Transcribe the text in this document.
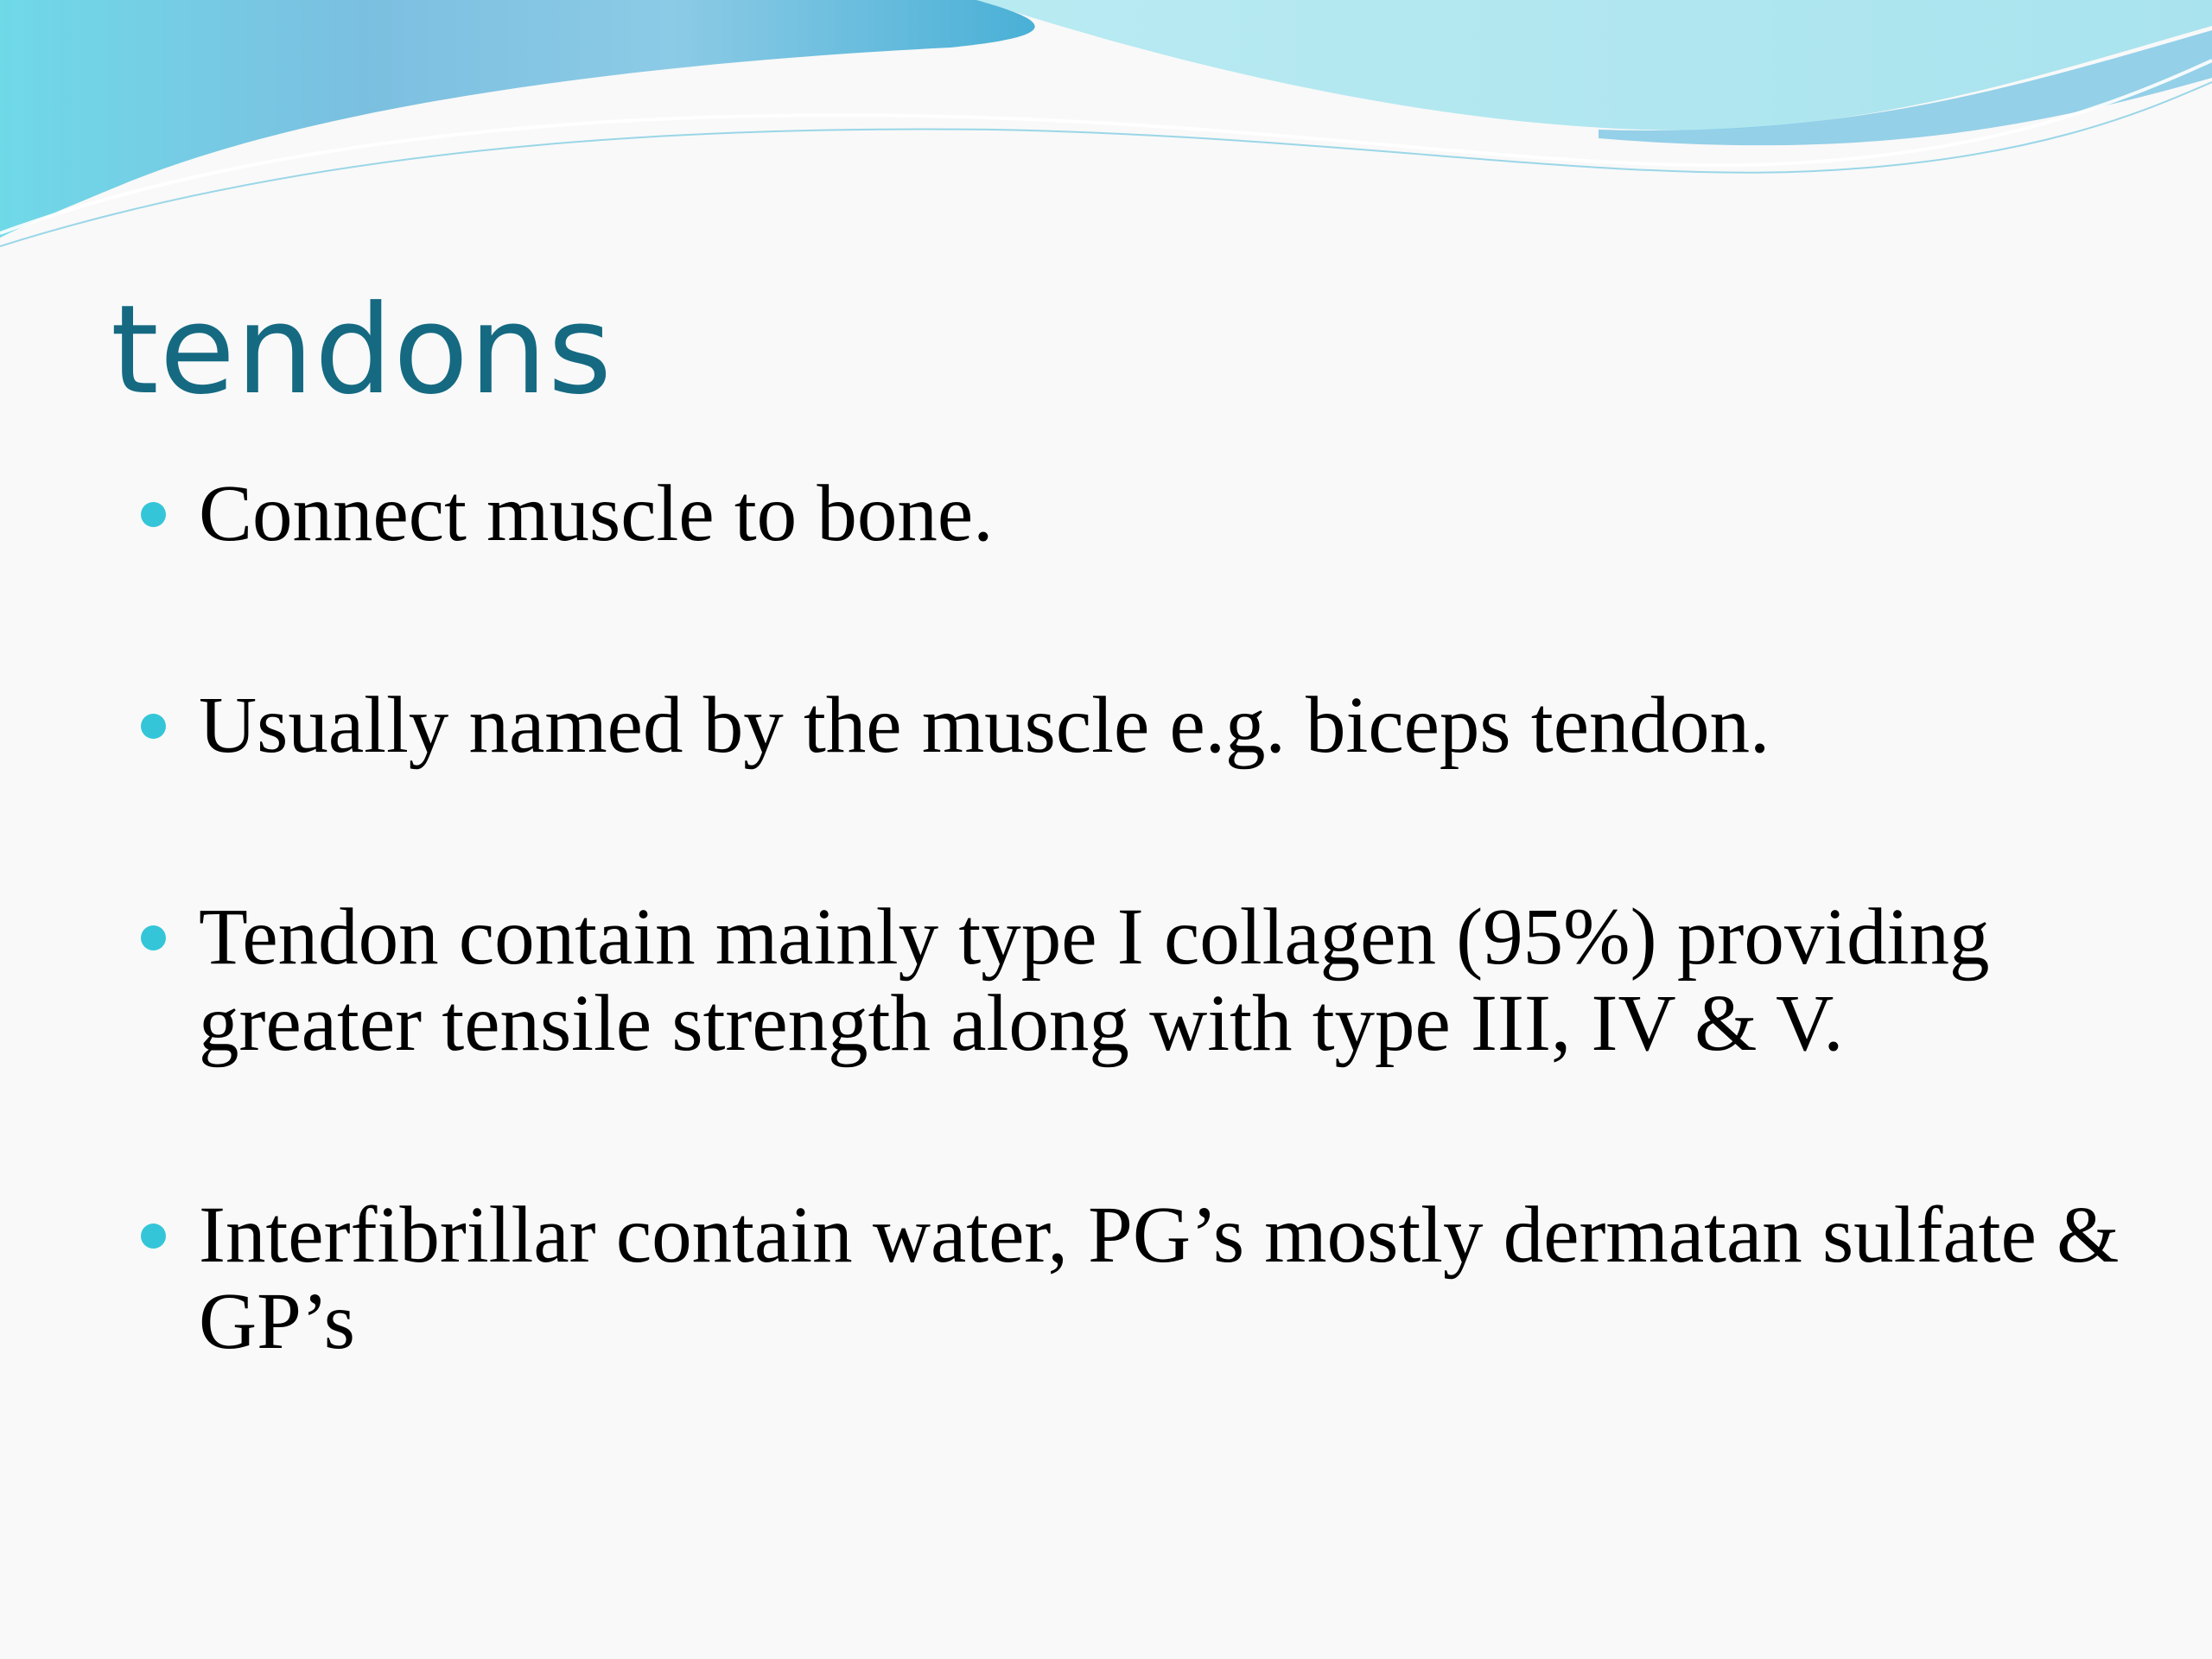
tendons
Connect muscle to bone.
Usually named by the muscle e.g. biceps tendon.
Tendon contain mainly type I collagen (95%) providing greater tensile strength along with type III, IV & V.
Interfibrillar contain water, PG’s mostly dermatan sulfate & GP’s
